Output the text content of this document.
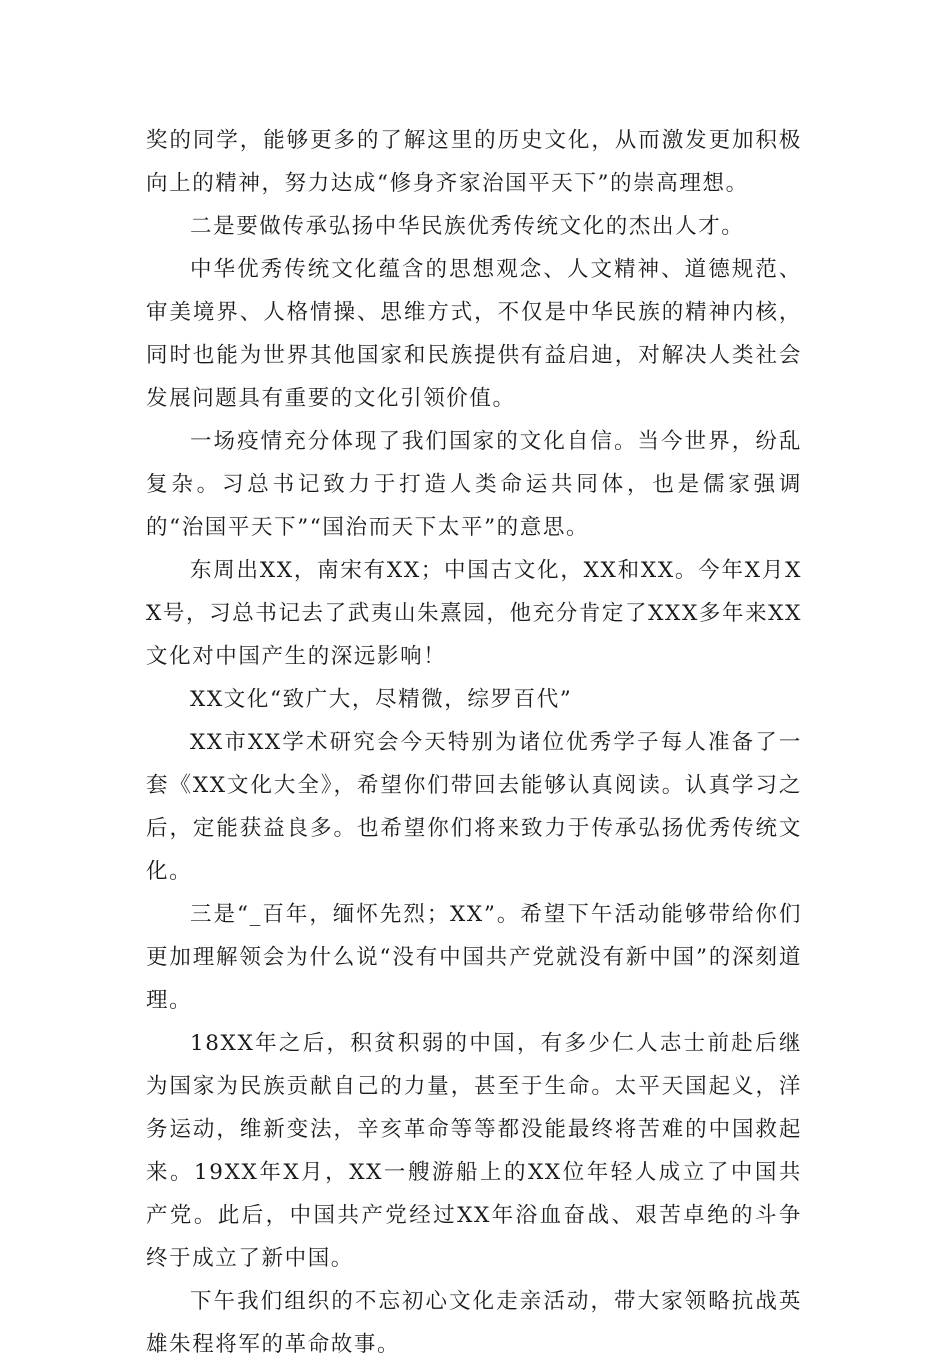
奖的同学，能够更多的了解这里的历史文化，从而激发更加积极向上的精神，努力达成“修身齐家治国平天下”的崇高理想。

二是要做传承弘扬中华民族优秀传统文化的杰出人才。

中华优秀传统文化蕴含的思想观念、人文精神、道德规范、审美境界、人格情操、思维方式，不仅是中华民族的精神内核，同时也能为世界其他国家和民族提供有益启迪，对解决人类社会发展问题具有重要的文化引领价值。

一场疫情充分体现了我们国家的文化自信。当今世界，纷乱复杂。习总书记致力于打造人类命运共同体，也是儒家强调的“治国平天下”“国治而天下太平”的意思。

东周出XX，南宋有XX；中国古文化，XX和XX。今年X月XX号，习总书记去了武夷山朱熹园，他充分肯定了XXX多年来XX文化对中国产生的深远影响！

XX文化“致广大，尽精微，综罗百代”

XX市XX学术研究会今天特别为诸位优秀学子每人准备了一套《XX文化大全》，希望你们带回去能够认真阅读。认真学习之后，定能获益良多。也希望你们将来致力于传承弘扬优秀传统文化。

三是“_百年，缅怀先烈；XX”。希望下午活动能够带给你们更加理解领会为什么说“没有中国共产党就没有新中国”的深刻道理。

18XX年之后，积贫积弱的中国，有多少仁人志士前赴后继为国家为民族贡献自己的力量，甚至于生命。太平天国起义，洋务运动，维新变法，辛亥革命等等都没能最终将苦难的中国救起来。19XX年X月，XX一艘游船上的XX位年轻人成立了中国共产党。此后，中国共产党经过XX年浴血奋战、艰苦卓绝的斗争终于成立了新中国。

下午我们组织的不忘初心文化走亲活动，带大家领略抗战英雄朱程将军的革命故事。
